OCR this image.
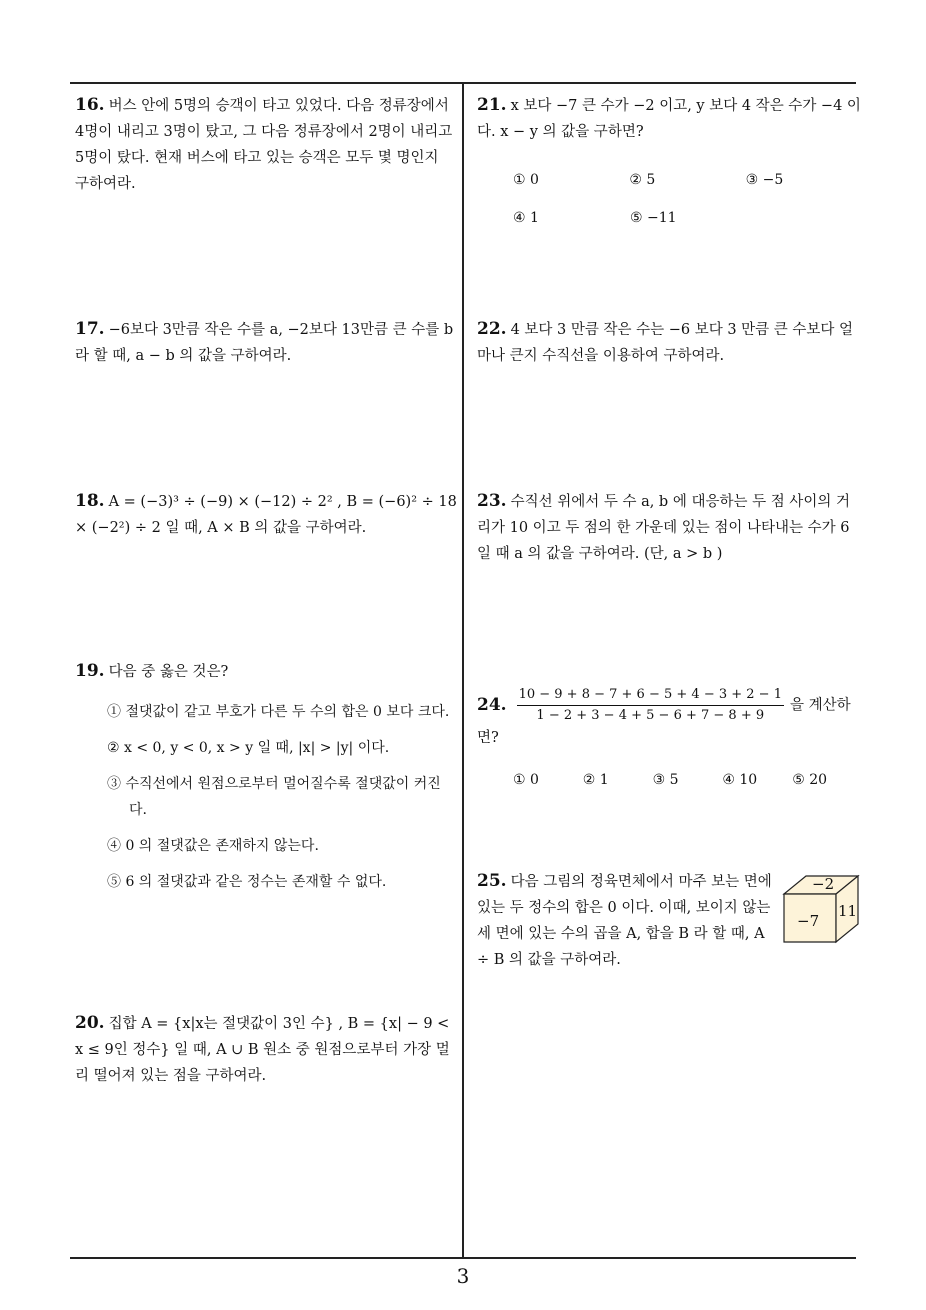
16. 버스 안에 5명의 승객이 타고 있었다. 다음 정류장에서 4명이 내리고 3명이 탔고, 그 다음 정류장에서 2명이 내리고 5명이 탔다. 현재 버스에 타고 있는 승객은 모두 몇 명인지 구하여라.
17. −6보다 3만큼 작은 수를 a, −2보다 13만큼 큰 수를 b 라 할 때, a − b 의 값을 구하여라.
18. A = (−3)³ ÷ (−9) × (−12) ÷ 2² , B = (−6)² ÷ 18 × (−2²) ÷ 2 일 때, A × B 의 값을 구하여라.
19. 다음 중 옳은 것은?
① 절댓값이 같고 부호가 다른 두 수의 합은 0 보다 크다.
② x < 0, y < 0, x > y 일 때, |x| > |y| 이다.
③ 수직선에서 원점으로부터 멀어질수록 절댓값이 커진다.
④ 0 의 절댓값은 존재하지 않는다.
⑤ 6 의 절댓값과 같은 정수는 존재할 수 없다.
20. 집합 A = {x|x는 절댓값이 3인 수} , B = {x| − 9 < x ≤ 9인 정수} 일 때, A ∪ B 원소 중 원점으로부터 가장 멀리 떨어져 있는 점을 구하여라.
21. x 보다 −7 큰 수가 −2 이고, y 보다 4 작은 수가 −4 이다. x − y 의 값을 구하면?
① 0	② 5	③ −5
④ 1	⑤ −11
22. 4 보다 3 만큼 작은 수는 −6 보다 3 만큼 큰 수보다 얼마나 큰지 수직선을 이용하여 구하여라.
23. 수직선 위에서 두 수 a, b 에 대응하는 두 점 사이의 거리가 10 이고 두 점의 한 가운데 있는 점이 나타내는 수가 6 일 때 a 의 값을 구하여라. (단, a > b )
24. $\frac{10 - 9 + 8 - 7 + 6 - 5 + 4 - 3 + 2 - 1}{1 - 2 + 3 - 4 + 5 - 6 + 7 - 8 + 9}$ 을 계산하면?
① 0	② 1	③ 5	④ 10	⑤ 20
25. 다음 그림의 정육면체에서 마주 보는 면에 있는 두 정수의 합은 0 이다. 이때, 보이지 않는 세 면에 있는 수의 곱을 A, 합을 B 라 할 때, A ÷ B 의 값을 구하여라.
−2
−7
11
3
